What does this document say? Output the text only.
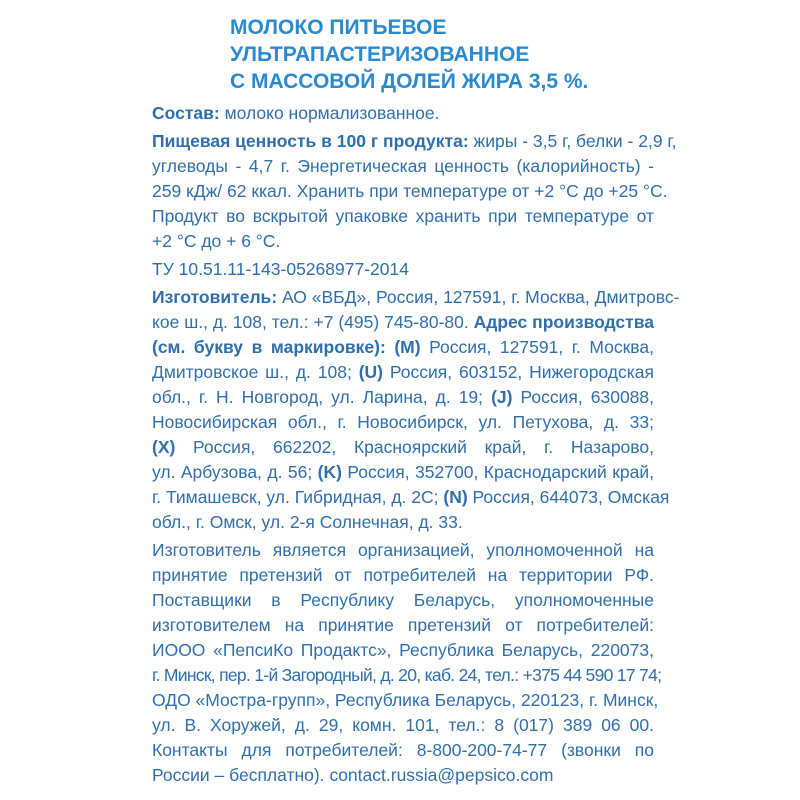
МОЛОКО ПИТЬЕВОЕ
УЛЬТРАПАСТЕРИЗОВАННОЕ
С МАССОВОЙ ДОЛЕЙ ЖИРА 3,5 %.

Состав: молоко нормализованное.

Пищевая ценность в 100 г продукта: жиры - 3,5 г, белки - 2,9 г,
углеводы - 4,7 г. Энергетическая ценность (калорийность) -
259 кДж/ 62 ккал. Хранить при температуре от +2 °С до +25 °С.
Продукт во вскрытой упаковке хранить при температуре от
+2 °С до + 6 °С.

ТУ 10.51.11-143-05268977-2014

Изготовитель: АО «ВБД», Россия, 127591, г. Москва, Дмитровс-
кое ш., д. 108, тел.: +7 (495) 745-80-80. Адрес производства
(см. букву в маркировке): (M) Россия, 127591, г. Москва,
Дмитровское ш., д. 108; (U) Россия, 603152, Нижегородская
обл., г. Н. Новгород, ул. Ларина, д. 19; (J) Россия, 630088,
Новосибирская обл., г. Новосибирск, ул. Петухова, д. 33;
(X) Россия, 662202, Красноярский край, г. Назарово,
ул. Арбузова, д. 56; (K) Россия, 352700, Краснодарский край,
г. Тимашевск, ул. Гибридная, д. 2С; (N) Россия, 644073, Омская
обл., г. Омск, ул. 2-я Солнечная, д. 33.

Изготовитель является организацией, уполномоченной на
принятие претензий от потребителей на территории РФ.
Поставщики в Республику Беларусь, уполномоченные
изготовителем на принятие претензий от потребителей:
ИООО «ПепсиКо Продактс», Республика Беларусь, 220073,
г. Минск, пер. 1-й Загородный, д. 20, каб. 24, тел.: +375 44 590 17 74;
ОДО «Мостра-групп», Республика Беларусь, 220123, г. Минск,
ул. В. Хоружей, д. 29, комн. 101, тел.: 8 (017) 389 06 00.
Контакты для потребителей: 8-800-200-74-77 (звонки по
России – бесплатно). contact.russia@pepsico.com
